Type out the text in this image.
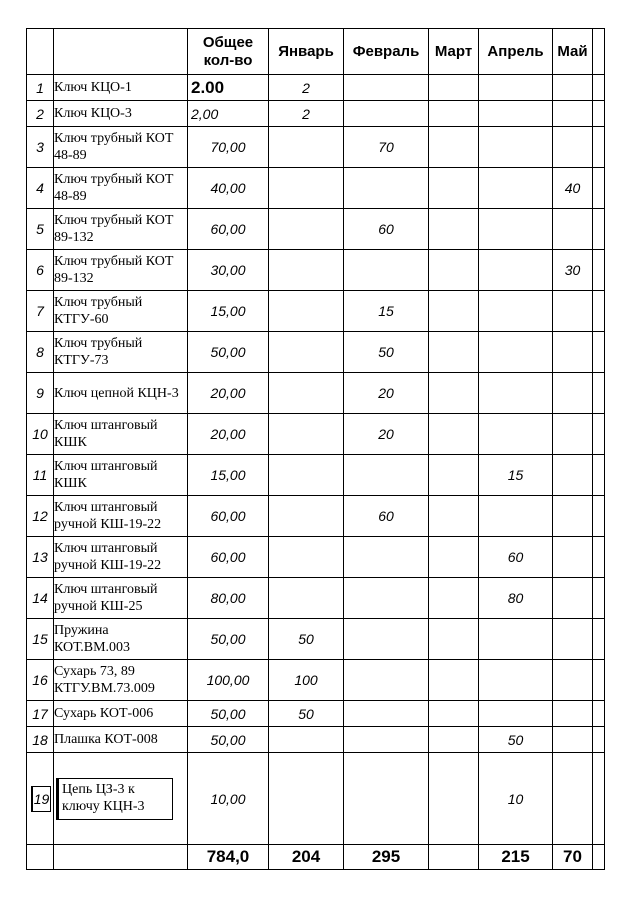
		Общее кол-во	Январь	Февраль	Март	Апрель	Май	
1	Ключ КЦО-1	2.00	2					
2	Ключ КЦО-3	2,00	2					
3	Ключ трубный КОТ 48-89	70,00		70				
4	Ключ трубный КОТ 48-89	40,00					40	
5	Ключ трубный КОТ 89-132	60,00		60				
6	Ключ трубный КОТ 89-132	30,00					30	
7	Ключ трубный КТГУ-60	15,00		15				
8	Ключ трубный КТГУ-73	50,00		50				
9	Ключ цепной КЦН-3	20,00		20				
10	Ключ штанговый КШК	20,00		20				
11	Ключ штанговый КШК	15,00				15		
12	Ключ штанговый ручной КШ-19-22	60,00		60				
13	Ключ штанговый ручной КШ-19-22	60,00				60		
14	Ключ штанговый ручной КШ-25	80,00				80		
15	Пружина КОТ.ВМ.003	50,00	50					
16	Сухарь 73, 89 КТГУ.ВМ.73.009	100,00	100					
17	Сухарь КОТ-006	50,00	50					
18	Плашка КОТ-008	50,00				50		
19	Цепь ЦЗ-3 к ключу КЦН-3	10,00				10		
		784,0	204	295		215	70	
